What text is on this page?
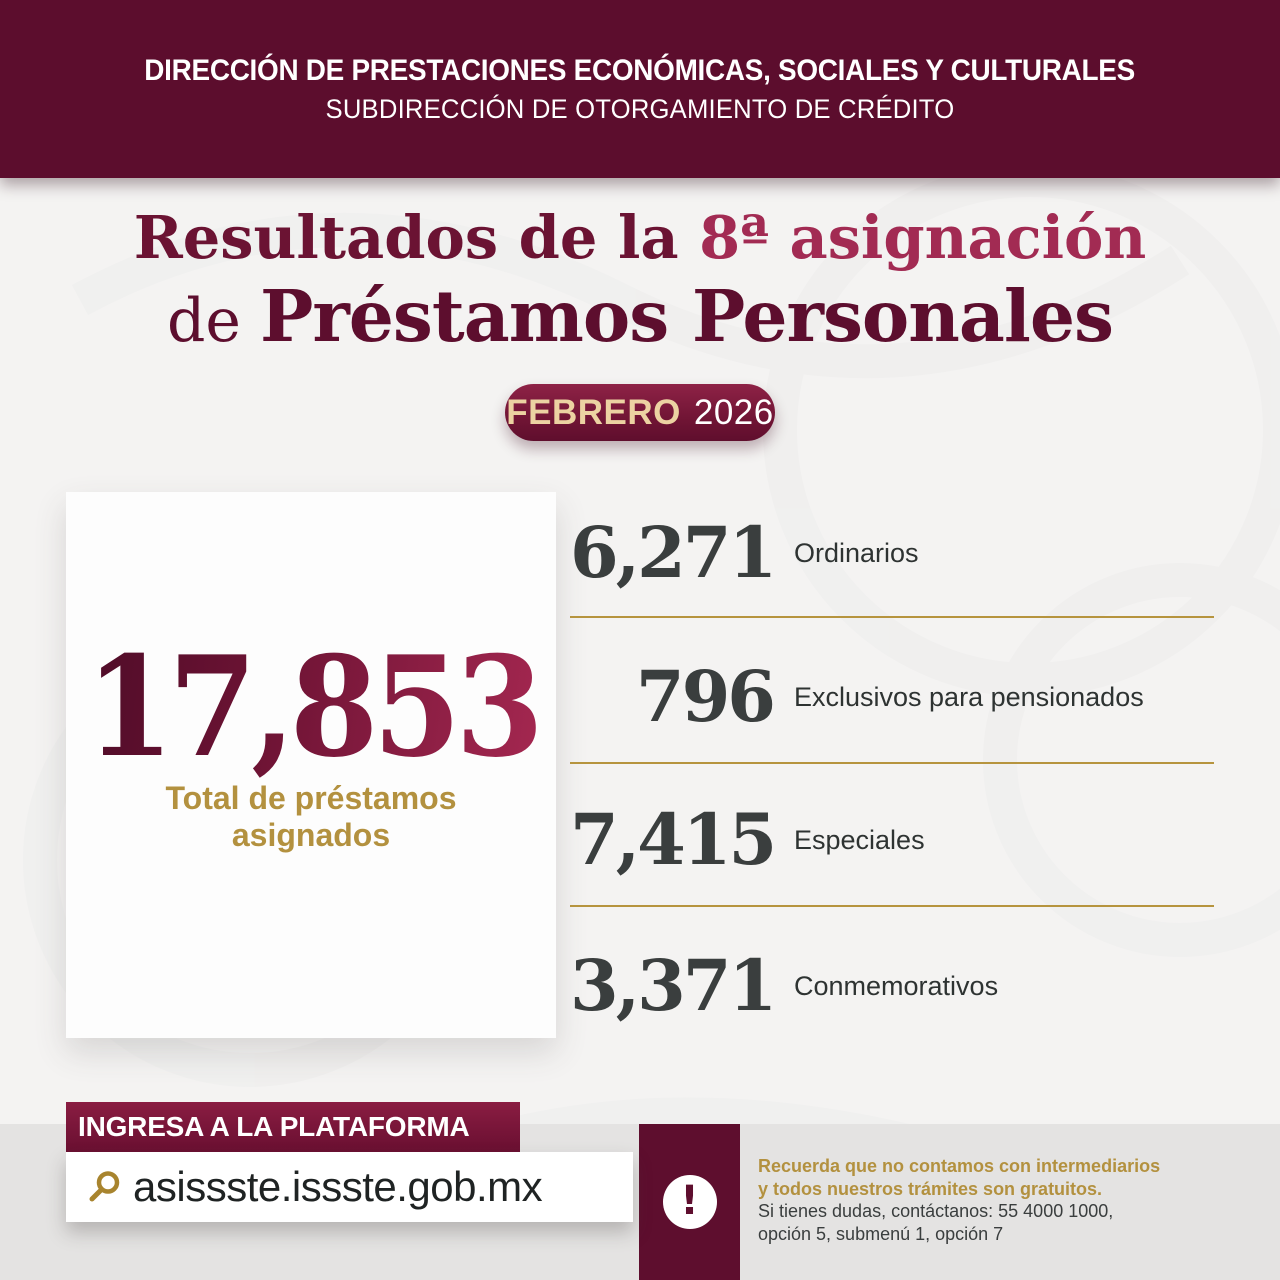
DIRECCIÓN DE PRESTACIONES ECONÓMICAS, SOCIALES Y CULTURALES
SUBDIRECCIÓN DE OTORGAMIENTO DE CRÉDITO
Resultados de la 8ª asignación
de Préstamos Personales
FEBRERO 2026
17,853
Total de préstamos
asignados
6,271 Ordinarios
796 Exclusivos para pensionados
7,415 Especiales
3,371 Conmemorativos
INGRESA A LA PLATAFORMA
asissste.issste.gob.mx	!
Recuerda que no contamos con intermediarios
y todos nuestros trámites son gratuitos.
Si tienes dudas, contáctanos: 55 4000 1000,
opción 5, submenú 1, opción 7
